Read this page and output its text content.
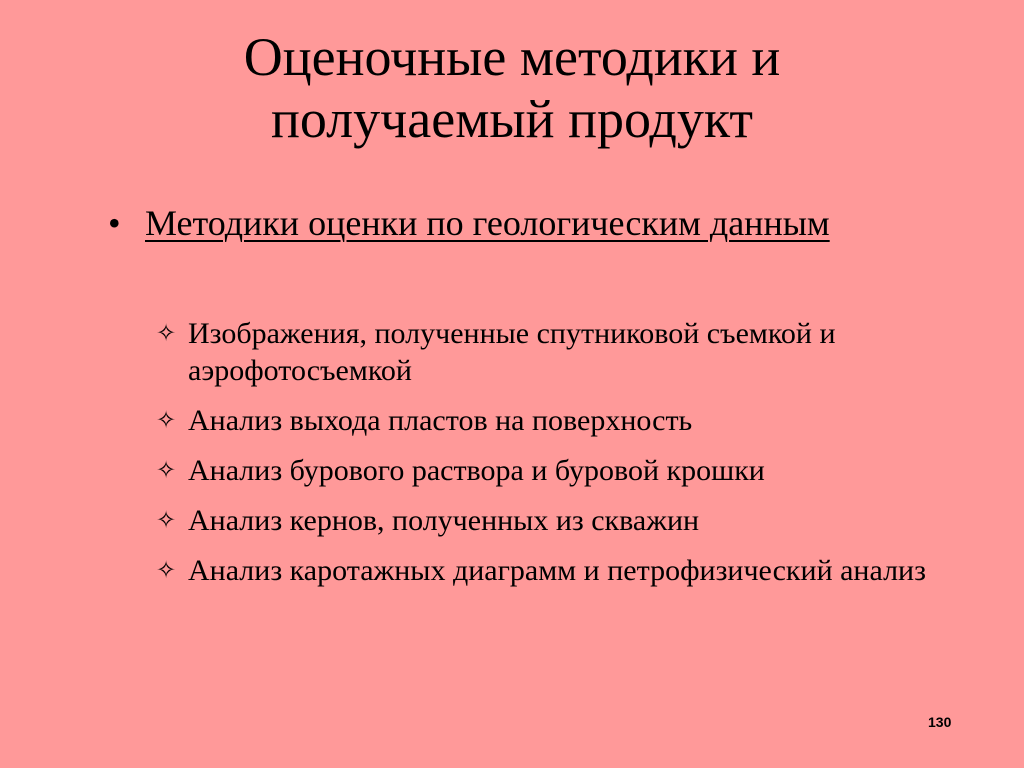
Оценочные методики и
получаемый продукт
• Методики оценки по геологическим данным
✧ Изображения, полученные спутниковой съемкой и аэрофотосъемкой
✧ Анализ выхода пластов на поверхность
✧ Анализ бурового раствора и буровой крошки
✧ Анализ кернов, полученных из скважин
✧ Анализ каротажных диаграмм и петрофизический анализ
130
